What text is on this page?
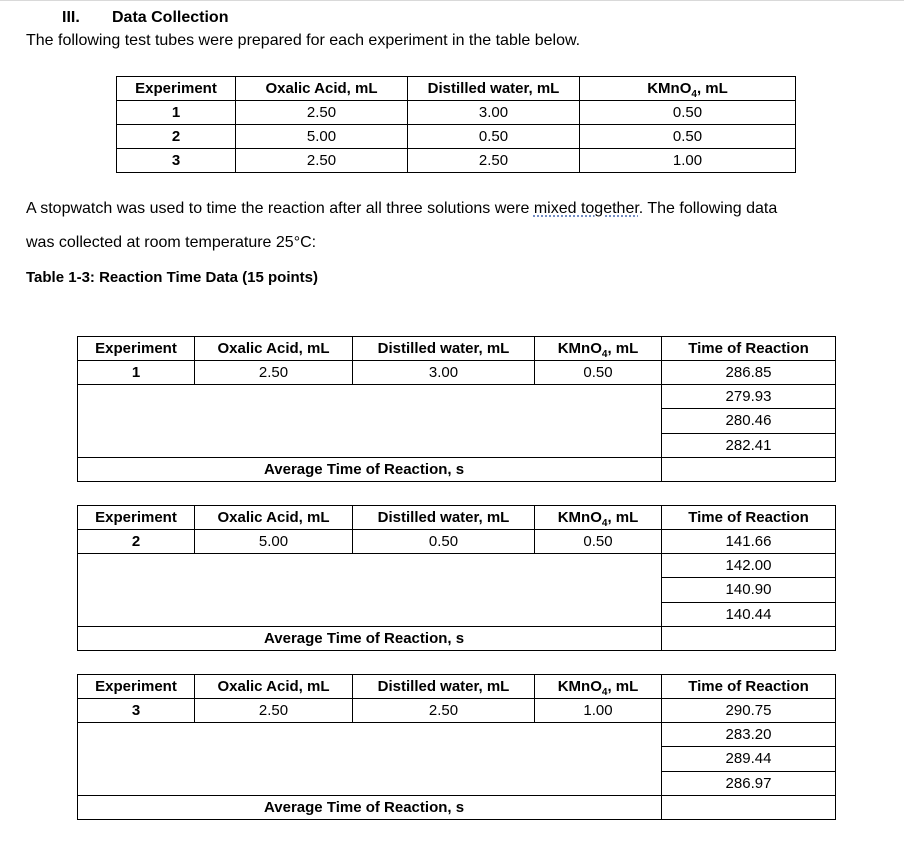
III. Data Collection
The following test tubes were prepared for each experiment in the table below.
Experiment	Oxalic Acid, mL	Distilled water, mL	KMnO$_4$, mL
1	2.50	3.00	0.50
2	5.00	0.50	0.50
3	2.50	2.50	1.00
A stopwatch was used to time the reaction after all three solutions were mixed together. The following data
was collected at room temperature 25°C:
Table 1-3: Reaction Time Data (15 points)
Experiment	Oxalic Acid, mL	Distilled water, mL	KMnO$_4$, mL	Time of Reaction
1	2.50	3.00	0.50	286.85
				279.93
				280.46
				282.41
Average Time of Reaction, s				
Experiment	Oxalic Acid, mL	Distilled water, mL	KMnO$_4$, mL	Time of Reaction
2	5.00	0.50	0.50	141.66
				142.00
				140.90
				140.44
Average Time of Reaction, s				
Experiment	Oxalic Acid, mL	Distilled water, mL	KMnO$_4$, mL	Time of Reaction
3	2.50	2.50	1.00	290.75
				283.20
				289.44
				286.97
Average Time of Reaction, s				
